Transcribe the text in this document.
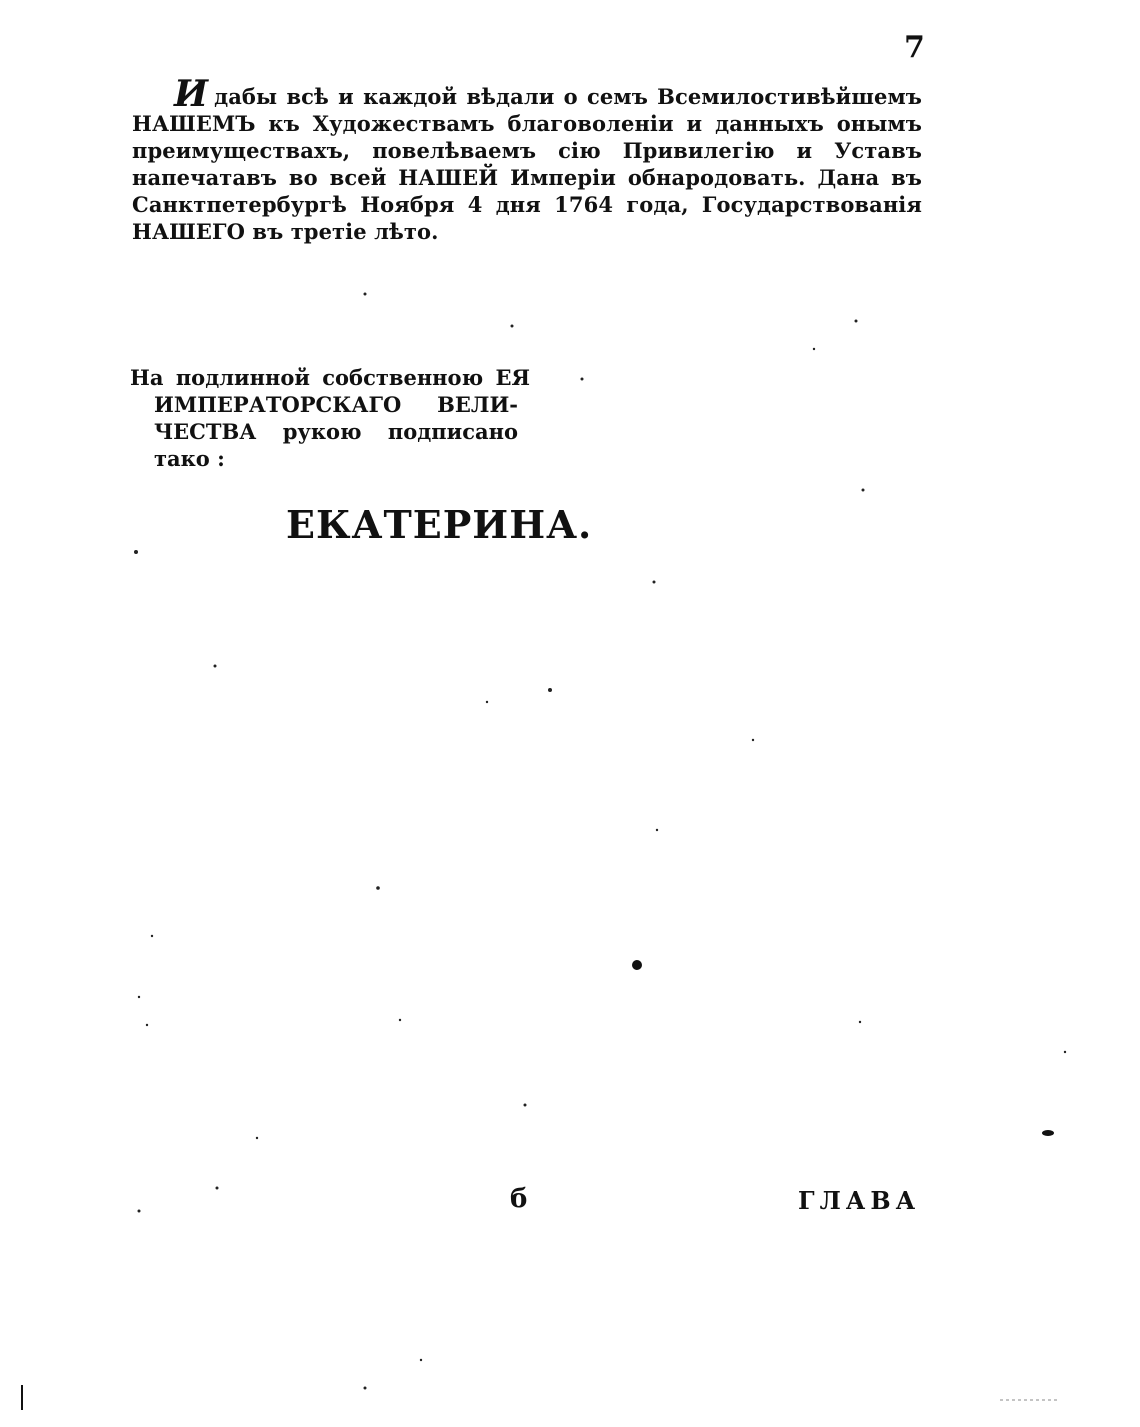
7

Идабы всѣ и каждой вѣдали о семъ Всемилостивѣйшемъ НАШЕМЪ къ Художествамъ благоволенiи и данныхъ онымъ преимуществахъ, повелѣваемъ сiю Привилегiю и Уставъ напечатавъ во всей НАШЕЙ Имперiи обнародовать. Дана въ Санктпетербургѣ Ноября 4 дня 1764 года, Государствованiя НАШЕГО въ третiе лѣто.

На подлинной собственною ЕЯ
ИМПЕРАТОРСКАГО ВЕЛИ-
ЧЕСТВА рукою подписано
тако :
ЕКАТЕРИНА.
б	ГЛАВА
